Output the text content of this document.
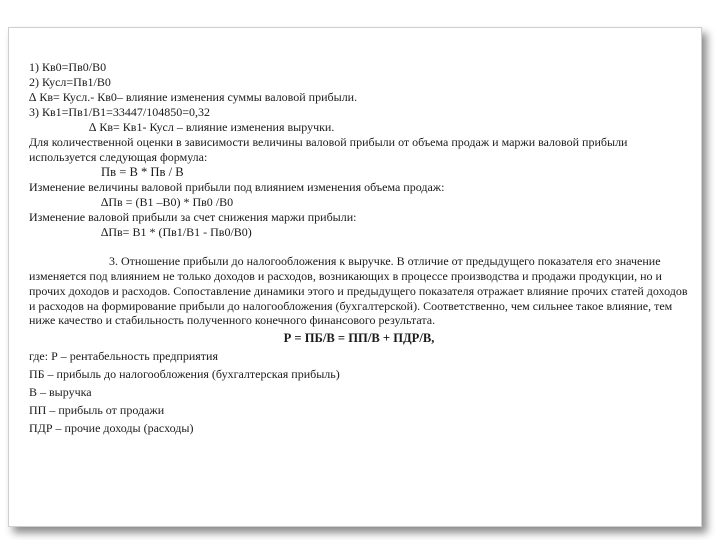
1) Кв0=Пв0/В0
2) Кусл=Пв1/В0
∆ Кв= Кусл.- Кв0– влияние изменения суммы валовой прибыли.
3) Кв1=Пв1/В1=33447/104850=0,32
∆ Кв= Кв1- Кусл – влияние изменения выручки.
Для количественной оценки в зависимости величины валовой прибыли от объема продаж и маржи валовой прибыли используется следующая формула:
Пв = В * Пв / В
Изменение величины валовой прибыли под влиянием изменения объема продаж:
∆Пв = (В1 –В0) * Пв0 /В0
Изменение валовой прибыли за счет снижения маржи прибыли:
∆Пв= В1 * (Пв1/В1 - Пв0/В0)
3. Отношение прибыли до налогообложения к выручке. В отличие от предыдущего показателя его значение изменяется под влиянием не только доходов и расходов, возникающих в процессе производства и продажи продукции, но и прочих доходов и расходов. Сопоставление динамики этого и предыдущего показателя отражает влияние прочих статей доходов и расходов на формирование прибыли до налогообложения (бухгалтерской). Соответственно, чем сильнее такое влияние, тем ниже качество и стабильность полученного конечного финансового результата.
Р = ПБ/В = ПП/В + ПДР/В,
где: Р – рентабельность предприятия
ПБ – прибыль до налогообложения (бухгалтерская прибыль)
В – выручка
ПП – прибыль от продажи
ПДР – прочие доходы (расходы)
